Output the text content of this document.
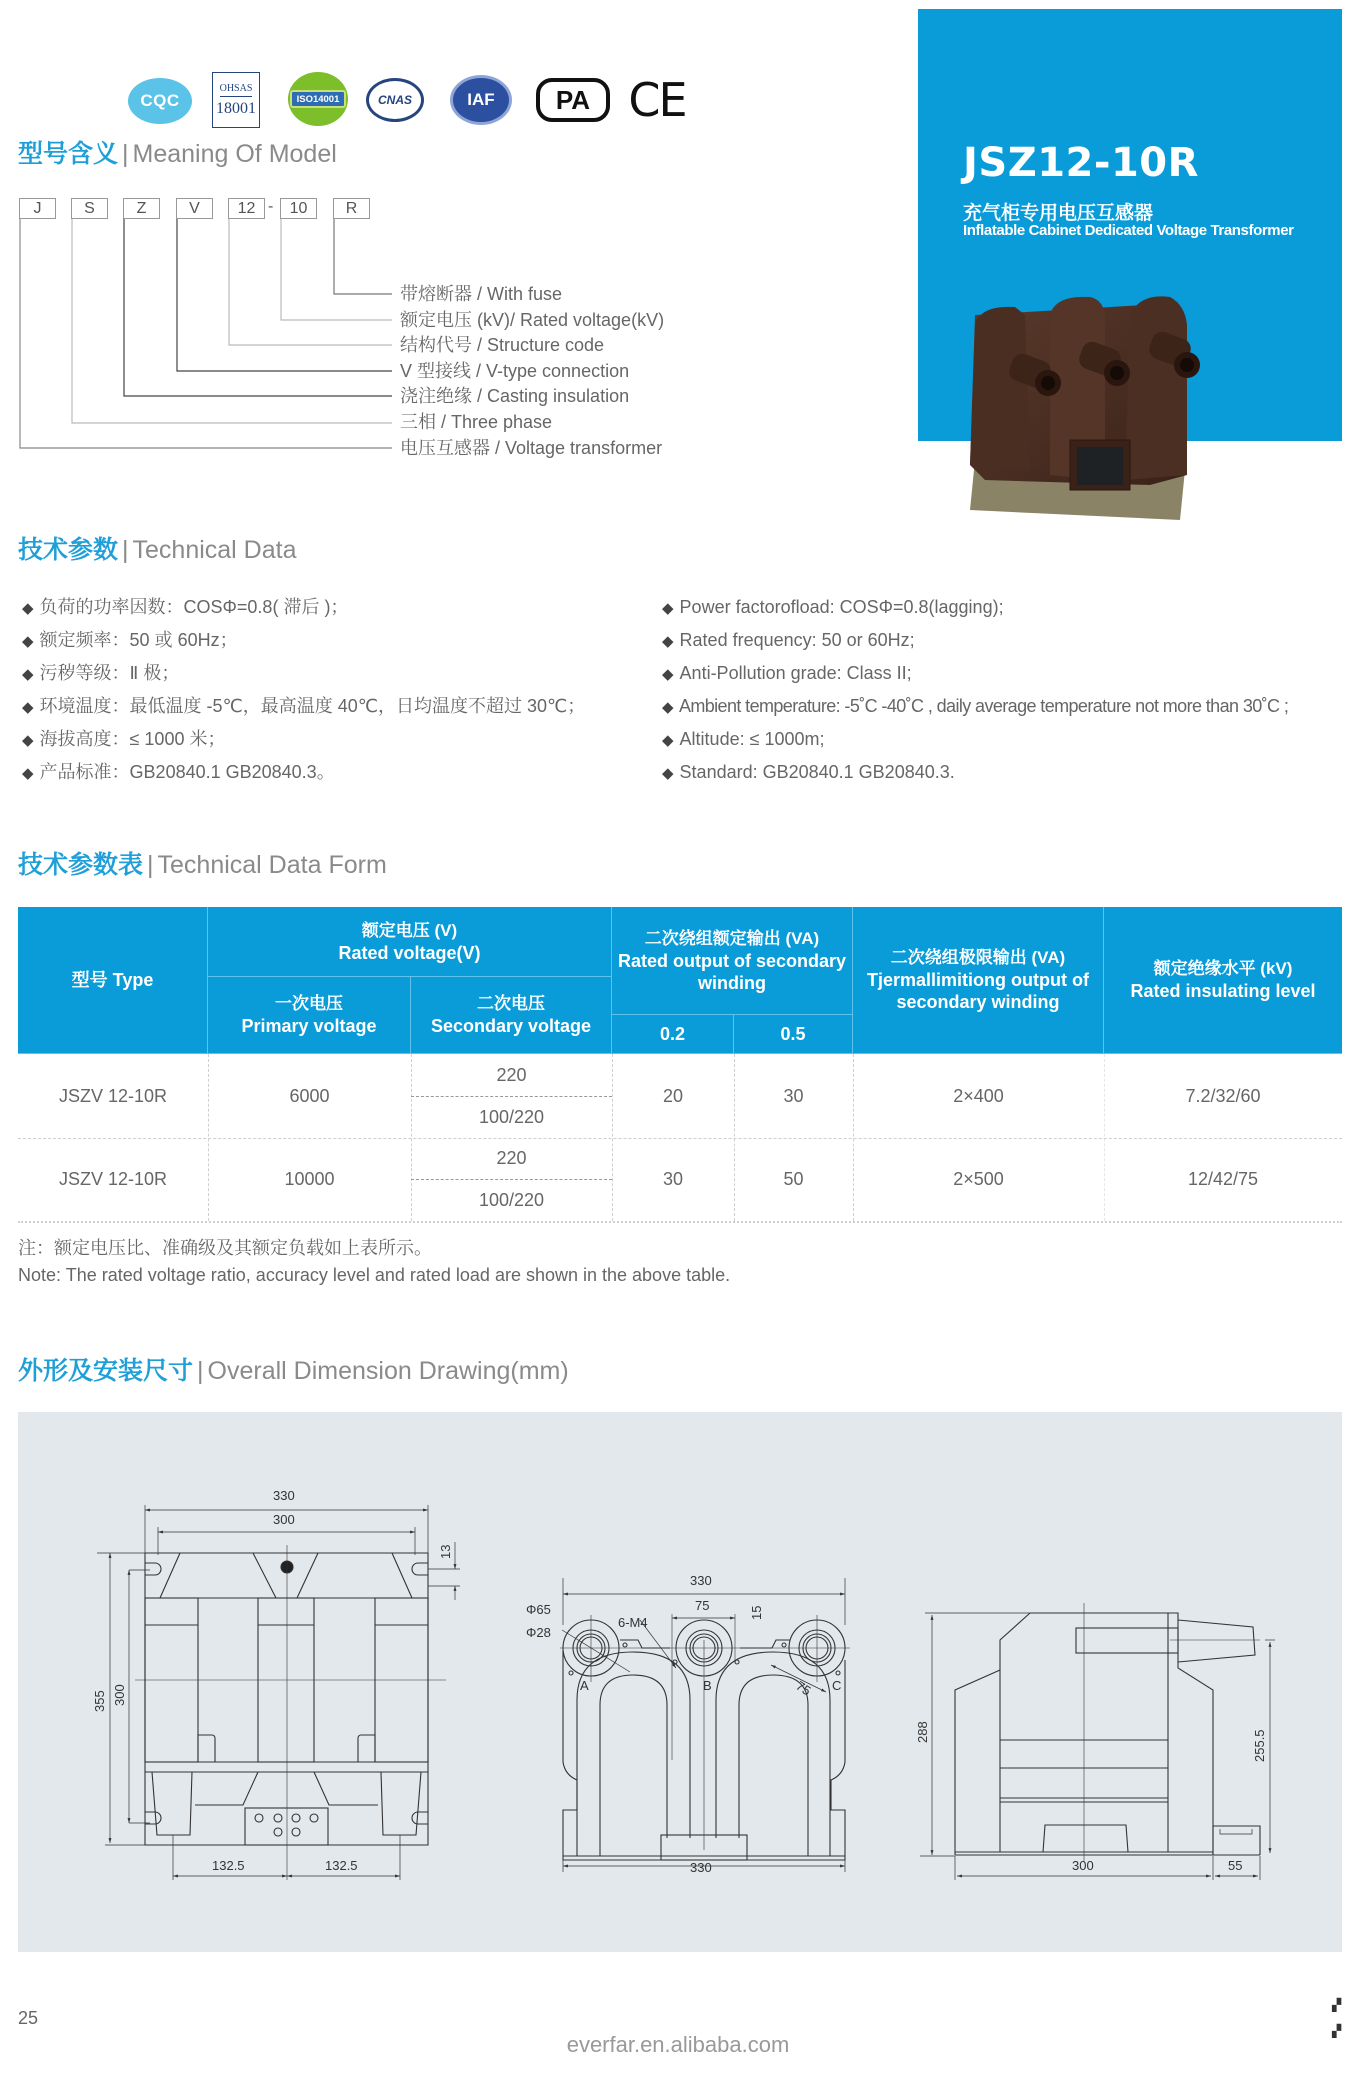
CQC
OHSAS
18001
ISO14001	CNAS	IAF PA CE
JSZ12-10R
充气柜专用电压互感器
Inflatable Cabinet Dedicated Voltage Transformer
型号含义 | Meaning Of Model
J	S	Z	V	12 -	10	R
带熔断器 / With fuse
额定电压 (kV)/ Rated voltage(kV)
结构代号 / Structure code
V 型接线 / V-type connection
浇注绝缘 / Casting insulation
三相 / Three phase
电压互感器 / Voltage transformer
技术参数 | Technical Data
◆ 负荷的功率因数：COSΦ=0.8( 滞后 )；
◆ 额定频率：50 或 60Hz；
◆ 污秽等级：Ⅱ 极；
◆ 环境温度：最低温度 -5℃，最高温度 40℃，日均温度不超过 30℃；
◆ 海拔高度：≤ 1000 米；
◆ 产品标准：GB20840.1 GB20840.3。
◆ Power factorofload: COSΦ=0.8(lagging);
◆ Rated frequency: 50 or 60Hz;
◆ Anti-Pollution grade: Class II;
◆ Ambient temperature: -5˚C -40˚C , daily average temperature not more than 30˚C ;
◆ Altitude: ≤ 1000m;
◆ Standard: GB20840.1 GB20840.3.
技术参数表 | Technical Data Form
型号 Type
额定电压 (V)
Rated voltage(V)
一次电压
Primary voltage
二次电压
Secondary voltage
二次绕组额定输出 (VA)
Rated output of secondary winding
0.2	0.5
二次绕组极限输出 (VA)
Tjermallimitiong output of secondary winding
额定绝缘水平 (kV)
Rated insulating level
JSZV 12-10R	6000
220
100/220
20	30	2×400	7.2/32/60
JSZV 12-10R	10000
220
100/220
30	50	2×500	12/42/75
注：额定电压比、准确级及其额定负载如上表所示。
Note: The rated voltage ratio, accuracy level and rated load are shown in the above table.
外形及安装尺寸 | Overall Dimension Drawing(mm)
330
300
355 300
13
132.5	132.5
330
75	15
Φ65
Φ28
6-M4
75
A	B	C
330
288	255.5
300	55
25
everfar.en.alibaba.com
▞
▞
